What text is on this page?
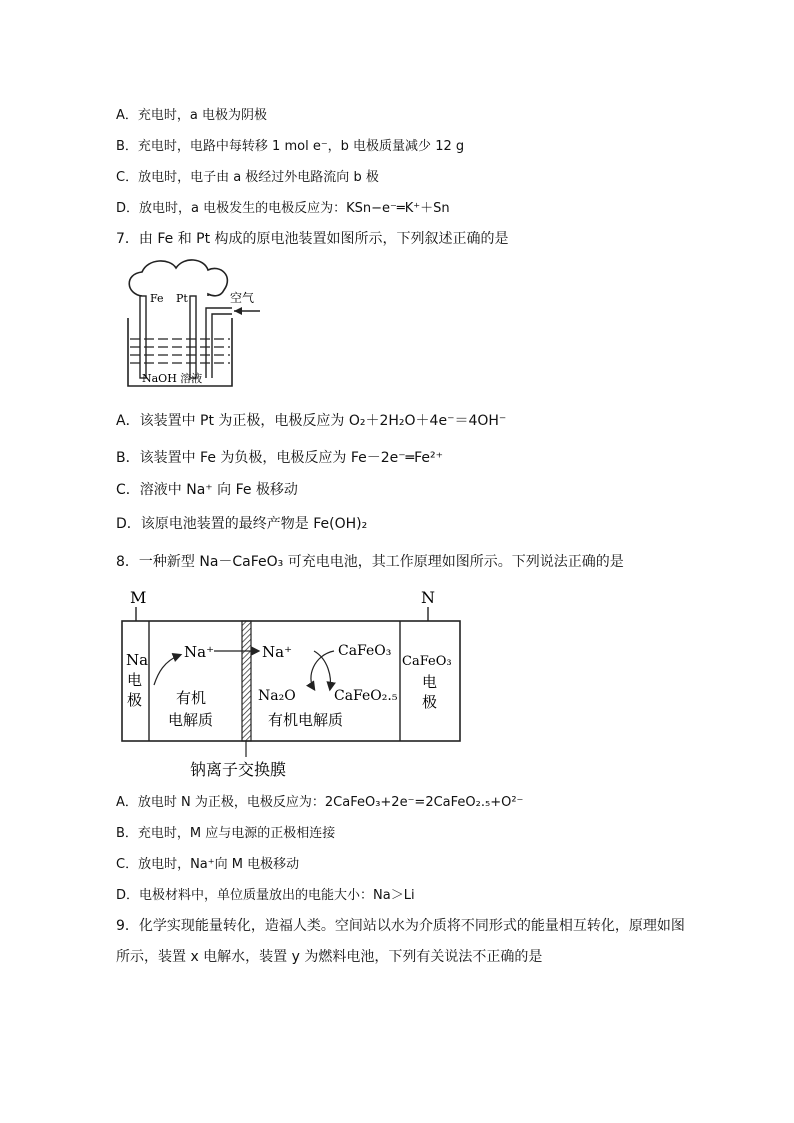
A．充电时，a 电极为阴极
B．充电时，电路中每转移 1 mol e⁻，b 电极质量减少 12 g
C．放电时，电子由 a 极经过外电路流向 b 极
D．放电时，a 电极发生的电极反应为：KSn−e⁻═K⁺＋Sn
7．由 Fe 和 Pt 构成的原电池装置如图所示，下列叙述正确的是
Fe Pt	空气
NaOH 溶液
A．该装置中 Pt 为正极，电极反应为 O₂＋2H₂O＋4e⁻＝4OH⁻
B．该装置中 Fe 为负极，电极反应为 Fe－2e⁻═Fe²⁺
C．溶液中 Na⁺ 向 Fe 极移动
D．该原电池装置的最终产物是 Fe(OH)₂
8．一种新型 Na－CaFeO₃ 可充电电池，其工作原理如图所示。下列说法正确的是
M	N
Na
电
极
Na⁺
有机
电解质
Na⁺	CaFeO₃
Na₂O	CaFeO₂.₅
有机电解质
CaFeO₃
电
极
钠离子交换膜
A．放电时 N 为正极，电极反应为：2CaFeO₃+2e⁻=2CaFeO₂.₅+O²⁻
B．充电时，M 应与电源的正极相连接
C．放电时，Na⁺向 M 电极移动
D．电极材料中，单位质量放出的电能大小：Na＞Li
9．化学实现能量转化，造福人类。空间站以水为介质将不同形式的能量相互转化，原理如图
所示，装置 x 电解水，装置 y 为燃料电池，下列有关说法不正确的是
